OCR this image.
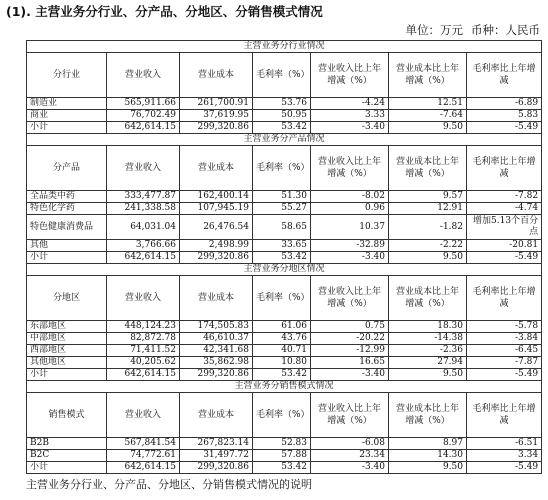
(1). 主营业务分行业、分产品、分地区、分销售模式情况
单位：万元 币种：人民币
主营业务分行业情况						
分行业	营业收入	营业成本	毛利率（%）	营业收入比上年增减（%）	营业成本比上年增减（%）	毛利率比上年增减
制造业	565,911.66	261,700.91	53.76	-4.24	12.51	-6.89
商业	76,702.49	37,619.95	50.95	3.33	-7.64	5.83
小计	642,614.15	299,320.86	53.42	-3.40	9.50	-5.49
主营业务分产品情况						
分产品	营业收入	营业成本	毛利率（%）	营业收入比上年增减（%）	营业成本比上年增减（%）	毛利率比上年增减
全品类中药	333,477.87	162,400.14	51.30	-8.02	9.57	-7.82
特色化学药	241,338.58	107,945.19	55.27	0.96	12.91	-4.74
特色健康消费品	64,031.04	26,476.54	58.65	10.37	-1.82	增加5.13个百分点
其他	3,766.66	2,498.99	33.65	-32.89	-2.22	-20.81
小计	642,614.15	299,320.86	53.42	-3.40	9.50	-5.49
主营业务分地区情况						
分地区	营业收入	营业成本	毛利率（%）	营业收入比上年增减（%）	营业成本比上年增减（%）	毛利率比上年增减
东部地区	448,124.23	174,505.83	61.06	0.75	18.30	-5.78
中部地区	82,872.78	46,610.37	43.76	-20.22	-14.38	-3.84
西部地区	71,411.52	42,341.68	40.71	-12.99	-2.36	-6.45
其他地区	40,205.62	35,862.98	10.80	16.65	27.94	-7.87
小计	642,614.15	299,320.86	53.42	-3.40	9.50	-5.49
主营业务分销售模式情况						
销售模式	营业收入	营业成本	毛利率（%）	营业收入比上年增减（%）	营业成本比上年增减（%）	毛利率比上年增减
B2B	567,841.54	267,823.14	52.83	-6.08	8.97	-6.51
B2C	74,772.61	31,497.72	57.88	23.34	14.30	3.34
小计	642,614.15	299,320.86	53.42	-3.40	9.50	-5.49
主营业务分行业、分产品、分地区、分销售模式情况的说明
